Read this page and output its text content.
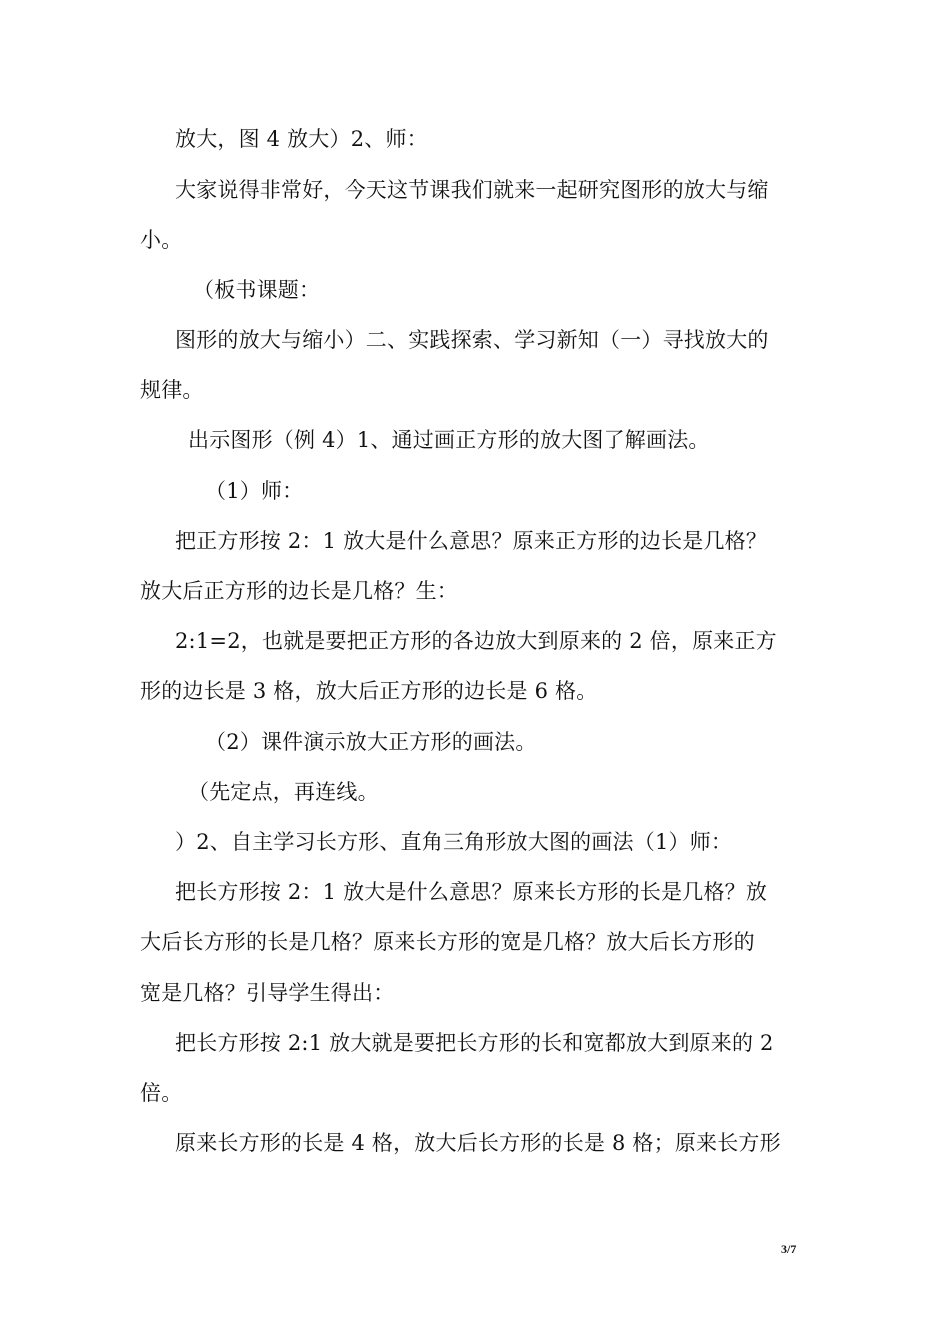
放大，图 4 放大）2、师：
大家说得非常好，今天这节课我们就来一起研究图形的放大与缩
小。
（板书课题：
图形的放大与缩小）二、实践探索、学习新知（一）寻找放大的
规律。
出示图形（例 4）1、通过画正方形的放大图了解画法。
（1）师：
把正方形按 2：1 放大是什么意思？原来正方形的边长是几格？
放大后正方形的边长是几格？生：
2:1=2，也就是要把正方形的各边放大到原来的 2 倍，原来正方
形的边长是 3 格，放大后正方形的边长是 6 格。
（2）课件演示放大正方形的画法。
（先定点，再连线。
）2、自主学习长方形、直角三角形放大图的画法（1）师：
把长方形按 2：1 放大是什么意思？原来长方形的长是几格？放
大后长方形的长是几格？原来长方形的宽是几格？放大后长方形的
宽是几格？引导学生得出：
把长方形按 2:1 放大就是要把长方形的长和宽都放大到原来的 2
倍。
原来长方形的长是 4 格，放大后长方形的长是 8 格；原来长方形
3/7
